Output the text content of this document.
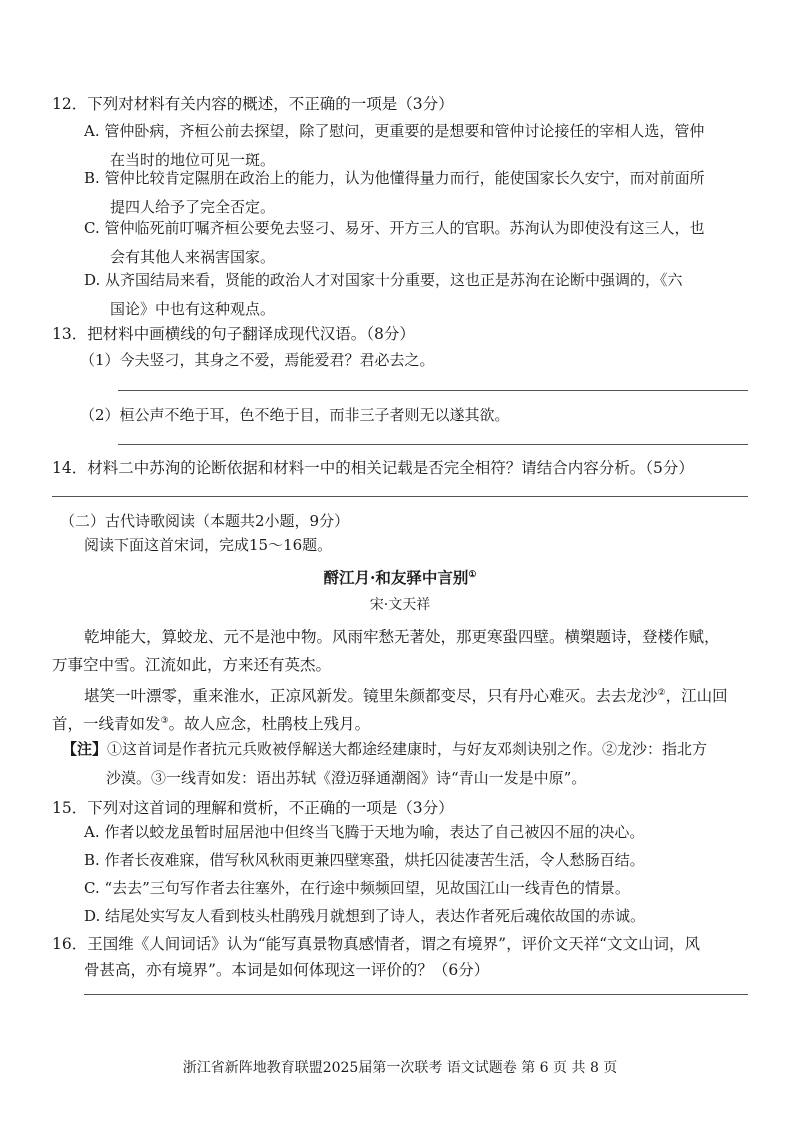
12．下列对材料有关内容的概述，不正确的一项是（3分）
A. 管仲卧病，齐桓公前去探望，除了慰问，更重要的是想要和管仲讨论接任的宰相人选，管仲
在当时的地位可见一斑。
B. 管仲比较肯定隰朋在政治上的能力，认为他懂得量力而行，能使国家长久安宁，而对前面所
提四人给予了完全否定。
C. 管仲临死前叮嘱齐桓公要免去竖刁、易牙、开方三人的官职。苏洵认为即使没有这三人，也
会有其他人来祸害国家。
D. 从齐国结局来看，贤能的政治人才对国家十分重要，这也正是苏洵在论断中强调的，《六
国论》中也有这种观点。
13．把材料中画横线的句子翻译成现代汉语。（8分）
（1）今夫竖刁，其身之不爱，焉能爱君？君必去之。
（2）桓公声不绝于耳，色不绝于目，而非三子者则无以遂其欲。
14．材料二中苏洵的论断依据和材料一中的相关记载是否完全相符？请结合内容分析。（5分）
（二）古代诗歌阅读（本题共2小题，9分）
阅读下面这首宋词，完成15～16题。
酹江月·和友驿中言别①
宋·文天祥
乾坤能大，算蛟龙、元不是池中物。风雨牢愁无著处，那更寒蛩四壁。横槊题诗，登楼作赋，
万事空中雪。江流如此，方来还有英杰。
堪笑一叶漂零，重来淮水，正凉风新发。镜里朱颜都变尽，只有丹心难灭。去去龙沙②，江山回
首，一线青如发③。故人应念，杜鹃枝上残月。
【注】①这首词是作者抗元兵败被俘解送大都途经建康时，与好友邓剡诀别之作。②龙沙：指北方
沙漠。③一线青如发：语出苏轼《澄迈驿通潮阁》诗“青山一发是中原”。
15．下列对这首词的理解和赏析，不正确的一项是（3分）
A. 作者以蛟龙虽暂时屈居池中但终当飞腾于天地为喻，表达了自己被囚不屈的决心。
B. 作者长夜难寐，借写秋风秋雨更兼四壁寒蛩，烘托囚徒凄苦生活，令人愁肠百结。
C. “去去”三句写作者去往塞外，在行途中频频回望，见故国江山一线青色的情景。
D. 结尾处实写友人看到枝头杜鹃残月就想到了诗人，表达作者死后魂依故国的赤诚。
16．王国维《人间词话》认为“能写真景物真感情者，谓之有境界”，评价文天祥“文文山词，风
骨甚高，亦有境界”。本词是如何体现这一评价的？（6分）
浙江省新阵地教育联盟2025届第一次联考 语文试题卷 第 6 页 共 8 页
